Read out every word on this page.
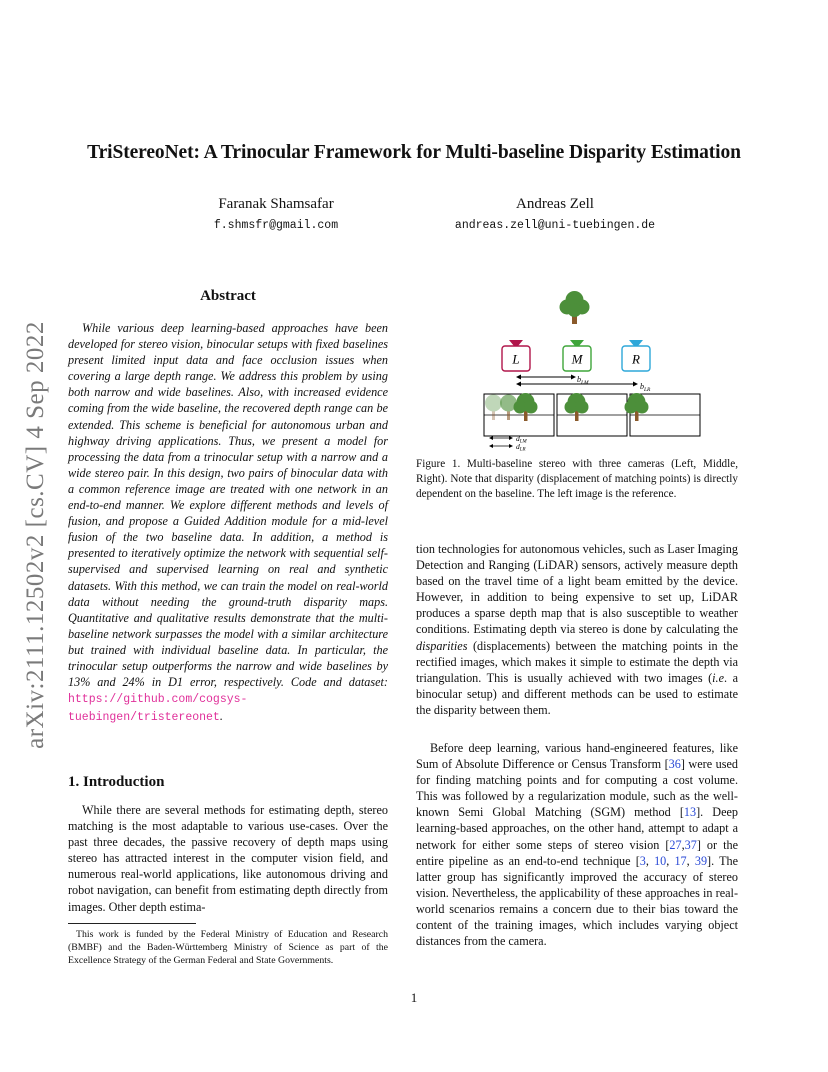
arXiv:2111.12502v2 [cs.CV] 4 Sep 2022
TriStereoNet: A Trinocular Framework for Multi-baseline Disparity Estimation
Faranak Shamsafar
f.shmsfr@gmail.com
Andreas Zell
andreas.zell@uni-tuebingen.de
Abstract
While various deep learning-based approaches have been developed for stereo vision, binocular setups with fixed baselines present limited input data and face occlusion issues when covering a large depth range. We address this problem by using both narrow and wide baselines. Also, with increased evidence coming from the wide baseline, the recovered depth range can be extended. This scheme is beneficial for autonomous urban and highway driving applications. Thus, we present a model for processing the data from a trinocular setup with a narrow and a wide stereo pair. In this design, two pairs of binocular data with a common reference image are treated with one network in an end-to-end manner. We explore different methods and levels of fusion, and propose a Guided Addition module for a mid-level fusion of the two baseline data. In addition, a method is presented to iteratively optimize the network with sequential self-supervised and supervised learning on real and synthetic datasets. With this method, we can train the model on real-world data without needing the ground-truth disparity maps. Quantitative and qualitative results demonstrate that the multi-baseline network surpasses the model with a similar architecture but trained with individual baseline data. In particular, the trinocular setup outperforms the narrow and wide baselines by 13% and 24% in D1 error, respectively. Code and dataset: https://github.com/cogsys-tuebingen/tristereonet.
1. Introduction
While there are several methods for estimating depth, stereo matching is the most adaptable to various use-cases. Over the past three decades, the passive recovery of depth maps using stereo has attracted interest in the computer vision field, and numerous real-world applications, like autonomous driving and robot navigation, can benefit from estimating depth directly from images. Other depth estima-
This work is funded by the Federal Ministry of Education and Research (BMBF) and the Baden-Württemberg Ministry of Science as part of the Excellence Strategy of the German Federal and State Governments.
L	M	R
$b_{LM}$	$b_{LR}$
$d_{LM}$
$d_{LR}$
Figure 1. Multi-baseline stereo with three cameras (Left, Middle, Right). Note that disparity (displacement of matching points) is directly dependent on the baseline. The left image is the reference.
tion technologies for autonomous vehicles, such as Laser Imaging Detection and Ranging (LiDAR) sensors, actively measure depth based on the travel time of a light beam emitted by the device. However, in addition to being expensive to set up, LiDAR produces a sparse depth map that is also susceptible to weather conditions. Estimating depth via stereo is done by calculating the disparities (displacements) between the matching points in the rectified images, which makes it simple to estimate the depth via triangulation. This is usually achieved with two images (i.e. a binocular setup) and different methods can be used to estimate the disparity between them.
Before deep learning, various hand-engineered features, like Sum of Absolute Difference or Census Transform [36] were used for finding matching points and for computing a cost volume. This was followed by a regularization module, such as the well-known Semi Global Matching (SGM) method [13]. Deep learning-based approaches, on the other hand, attempt to adapt a network for either some steps of stereo vision [27,37] or the entire pipeline as an end-to-end technique [3, 10, 17, 39]. The latter group has significantly improved the accuracy of stereo vision. Nevertheless, the applicability of these approaches in real-world scenarios remains a concern due to their bias toward the content of the training images, which includes varying object distances from the camera.
1
